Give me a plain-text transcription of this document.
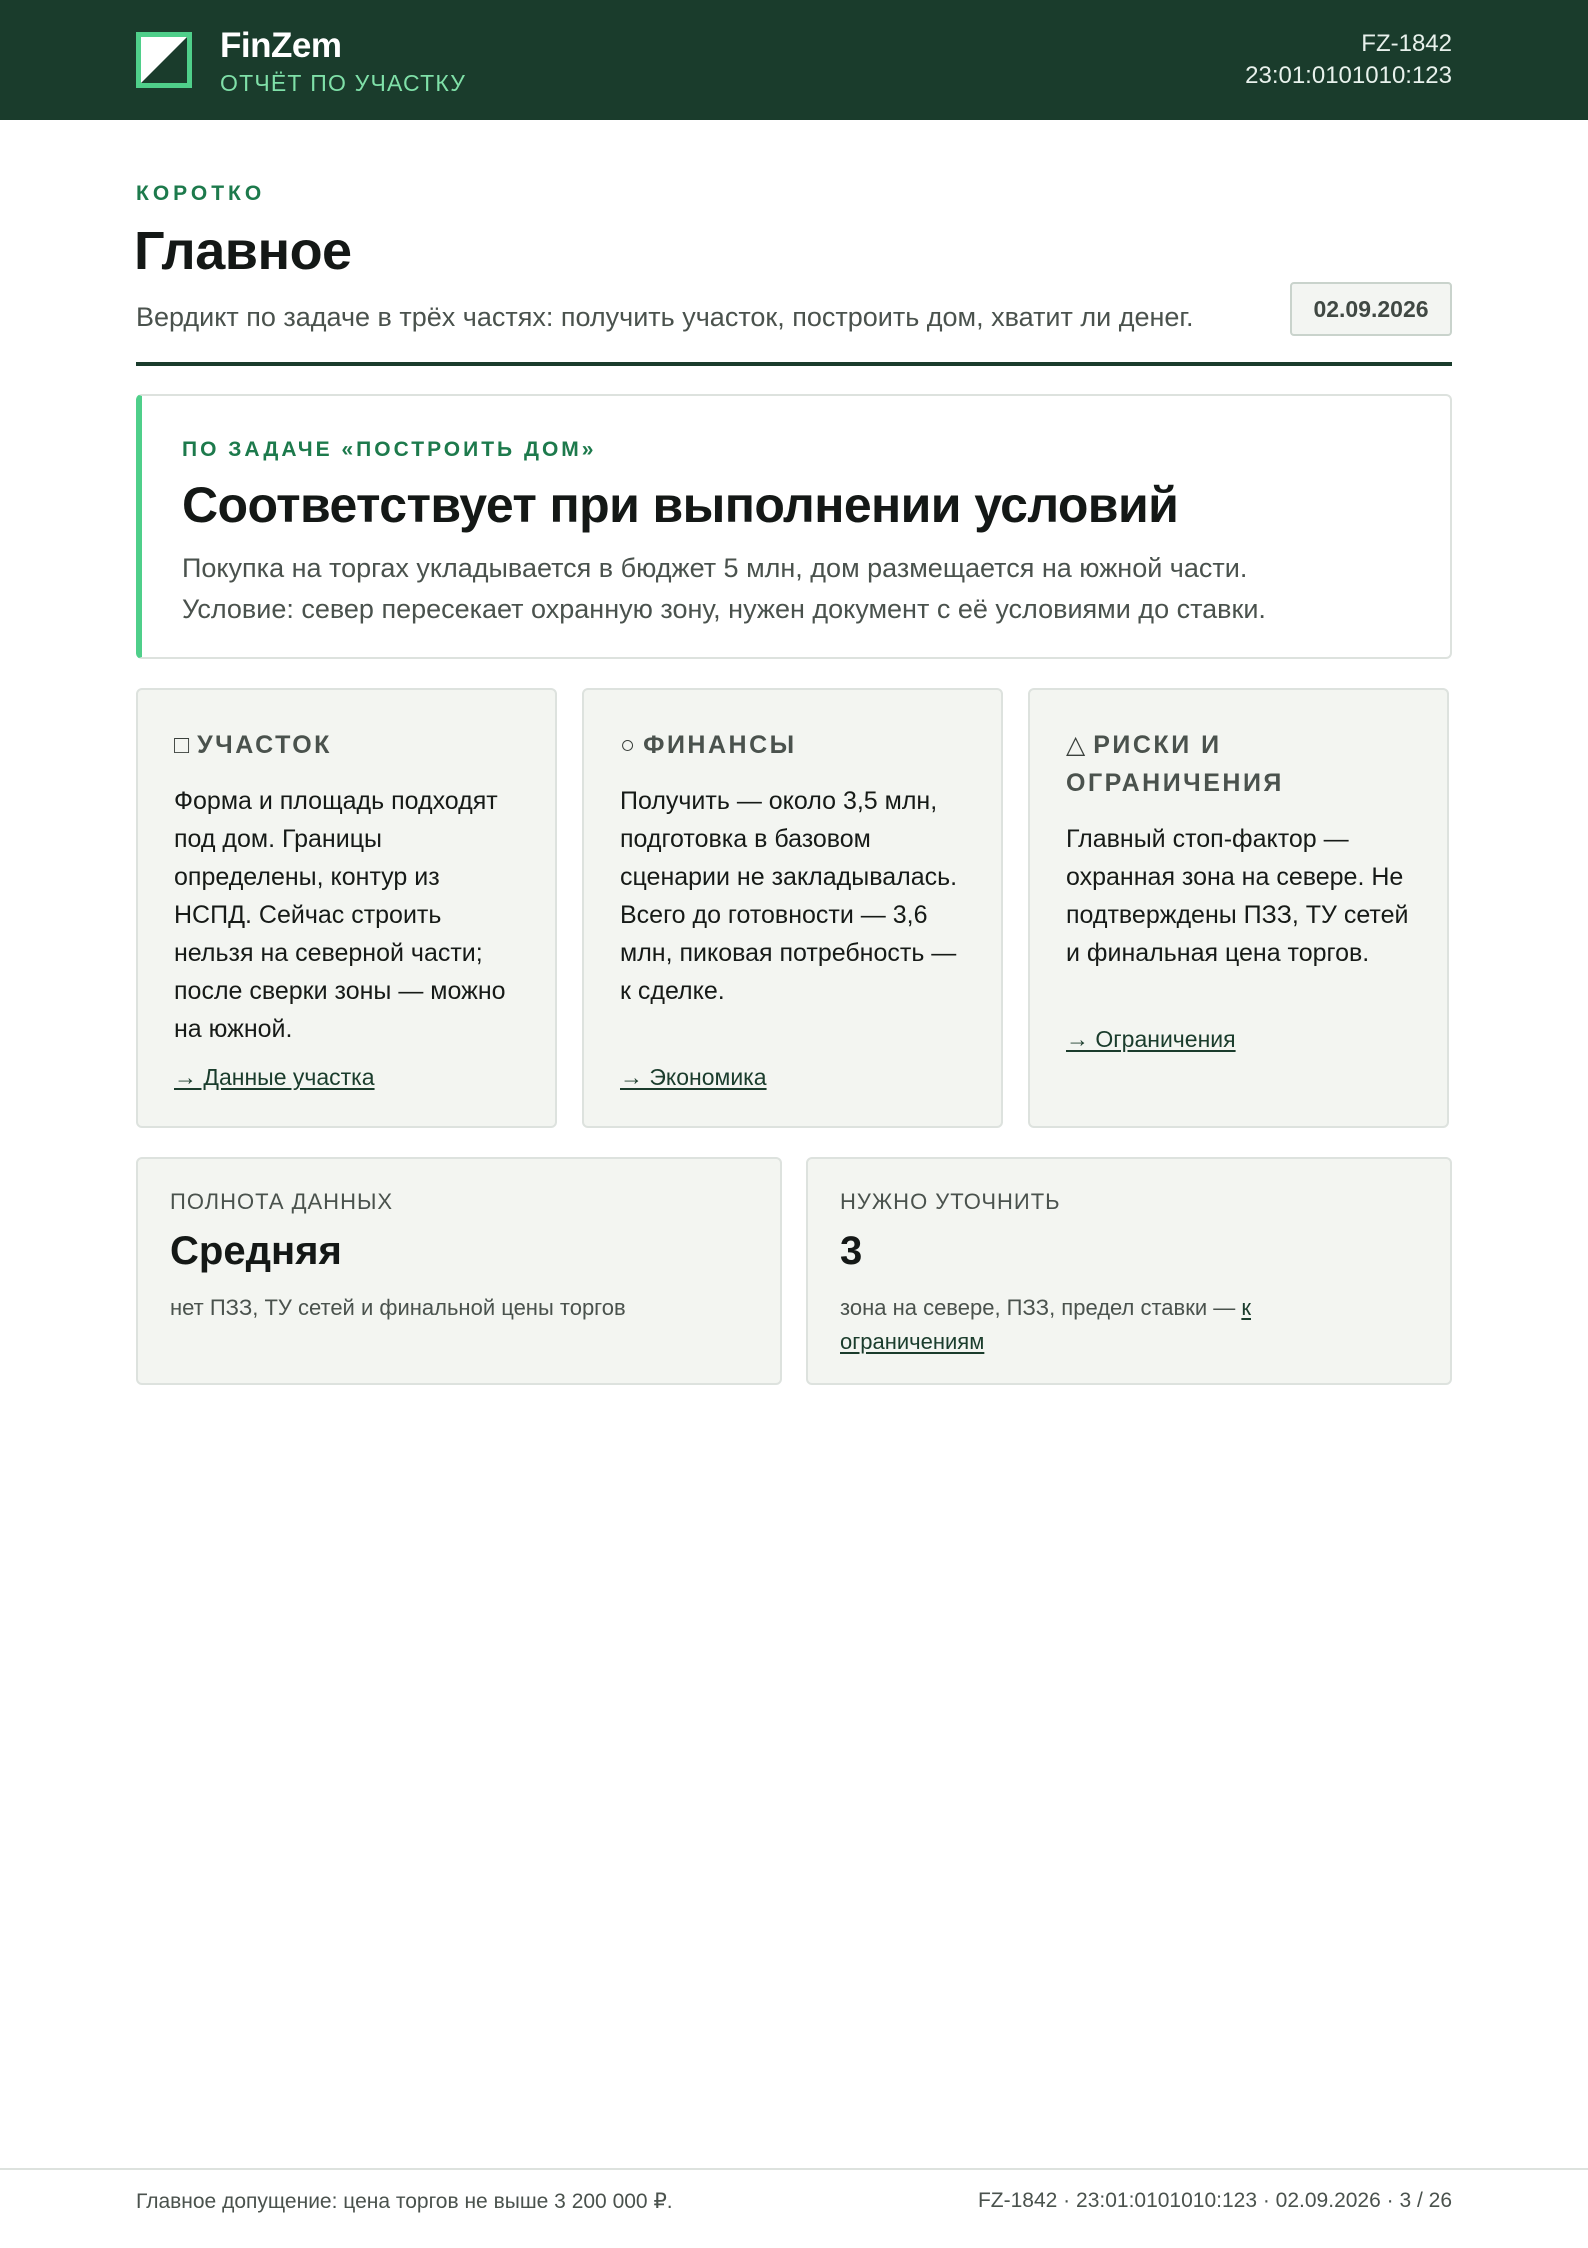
FinZem
ОТЧЁТ ПО УЧАСТКУ
FZ-1842
23:01:0101010:123
КОРОТКО
Главное
Вердикт по задаче в трёх частях: получить участок, построить дом, хватит ли денег.	02.09.2026
ПО ЗАДАЧЕ «ПОСТРОИТЬ ДОМ»
Соответствует при выполнении условий
Покупка на торгах укладывается в бюджет 5 млн, дом размещается на южной части.
Условие: север пересекает охранную зону, нужен документ с её условиями до ставки.
□ УЧАСТОК
Форма и площадь подходят под дом. Границы определены, контур из НСПД. Сейчас строить нельзя на северной части; после сверки зоны — можно на южной.
→ Данные участка
○ ФИНАНСЫ
Получить — около 3,5 млн, подготовка в базовом сценарии не закладывалась. Всего до готовности — 3,6 млн, пиковая потребность — к сделке.
→ Экономика
△ РИСКИ И ОГРАНИЧЕНИЯ
Главный стоп-фактор — охранная зона на севере. Не подтверждены ПЗЗ, ТУ сетей и финальная цена торгов.
→ Ограничения
ПОЛНОТА ДАННЫХ
Средняя
нет ПЗЗ, ТУ сетей и финальной цены торгов
НУЖНО УТОЧНИТЬ
3
зона на севере, ПЗЗ, предел ставки — к ограничениям
Главное допущение: цена торгов не выше 3 200 000 ₽.	FZ-1842 · 23:01:0101010:123 · 02.09.2026 · 3 / 26
